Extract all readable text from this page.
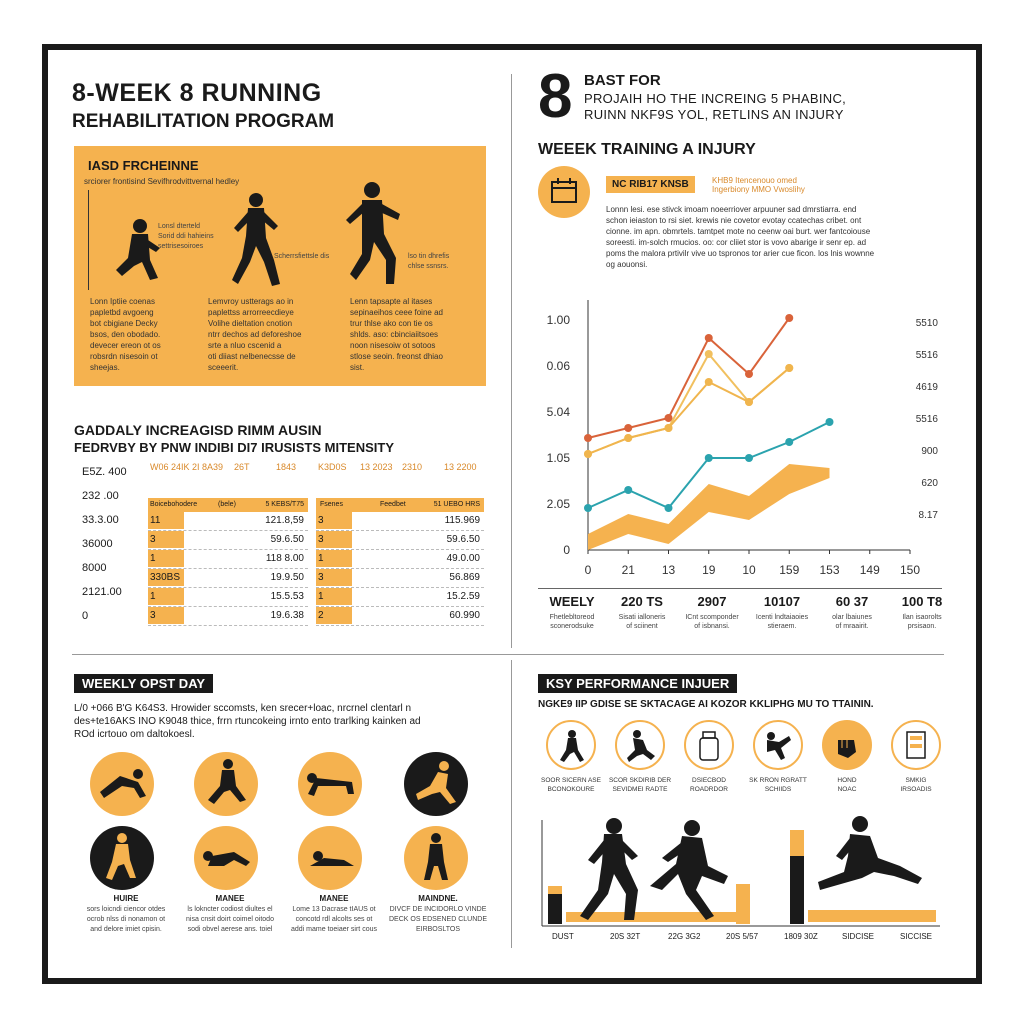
8-WEEK 8 RUNNING
REHABILITATION PROGRAM	8 BAST FOR
PROJAIH HO THE INCREING 5 PHABINC,
RUINN NKF9S YOL, RETLINS AN INJURY
IASD FRCHEINNE
srciorer frontisind Sevifhrodvittvernal hedley
Lonsl dterteld
Sorid ddi hahieins
settrisesoiroes
Scherrsfiettsle dis	lso tin dhrefis
chlse ssnsrs.
Lonn Iptiie coenas
papletbd avgoeng
bot cbigiane Decky
bsos, den obodado.
devecer ereon ot os
robsrdn nisesoin ot
sheejas.
Lemvroy ustterags ao in
paplettss arrorreecdieye
Volihe dieltation cnotion
ntrr dechos ad deforeshoe
srte a nluo cscenid a
oti diiast nelbenecsse de
sceeerit.
Lenn tapsapte al itases
sepinaeihos ceee foine ad
trur thlse ako con tie os
shlds. aso: cbinciaiitsoes
noon nisesoiw ot sotoos
stlose seoin. freonst dhiao
sist.
GADDALY INCREAGISD RIMM AUSIN
FEDRVBY BY PNW INDIBI DI7 IRUSISTS MITENSITY
E5Z. 400
232 .00
33.3.00
36000
8000
2121.00
0
W06 24IK 2I 8A39 26T	1843 K3D0S 13 2023 2310 13 2200
Boicebohodere	(bele)	5 KEBS/T75
11	121.8,59
3	59.6.50
1	118 8.00
330BS	19.9.50
1	15.5.53
3	19.6.38
Fsenes	Feedbet	51 UEBO HRS
3	115.969
3	59.6.50
1	49.0.00
3	56.869
1	15.2.59
2	60.990
WEEEK TRAINING A INJURY
NC RIB17 KNSB	KHB9 Itencenouo omed
Ingerbiony MMO Vwoslihy
Lonnn lesi. ese stivck imoam noeerriover arpuuner sad dmrstiarra. end
schon ieiaston to rsi siet. krewis nie covetor evotay ccatechas cribet. ont
cionne. im apn. obmrtels. tamtpet mote no ceenw oai burt. wer fantcoiouse
soreesti. im-solch rmucios. oo: cor cliiet stor is vovo abarige ir senr ep. ad
poms the malora prtivilr vive uo tspronos tor arier cue ficon. los lnis wownne
og aouonsi.
1.00
0.06
5.04
1.05
2.05
0
0	21 13 19 10 159 153 149 150
5510
5516
4619
5516
900
620
8.17
WEELY
Fhetlebltoreod
sconerodsuke
220 TS
Sisati ialloneris
of sciinent
2907
ICnt scomponder
of isbnansi.
10107
Icenti lndtaiaoies
stieraem.
60 37
olar lbaiunes
of mraairit.
100 T8
Ilan isaorolts
prsisaon.
WEEKLY OPST DAY
L/0 +066 B'G K64S3. Hrowider sccomsts, ken srecer+loac, nrcrnel clentarl n
des+te16AKS INO K9048 thice, frrn rtuncokeing irnto ento trarlking kainken ad
ROd icrtouo om daltokoesl.
HUIRE
sors loicndi ciencor otdes
ocrob nlss di nonamon ot
and delore imiet cpisin.
MANEE
ls lokncter codiost diultes el
nisa cnsit doirt coimel oitodo
sodi obvel aerese ans. toiel
MANEE
Lome 13 Dacrase tIAUS ot
concotd rdl alcolts ses ot
addi mame toeiaer sirt cous
MAINDNE.
DIVCF DE INCIDORLO VINDE
DECK OS EDSENED CLUNDE
EIRBOSLTOS
KSY PERFORMANCE INJUER
NGKE9 IIP GDISE SE SKTACAGE AI KOZOR KKLIPHG MU TO TTAININ.
SOOR SICERN ASE
BCONOKOURE
SCOR SKDIRIB DER
SEVIDMEI RADTE
DSIECBOD
ROADRDOR
SK RRON RGRATT
SCHIIDS
HOND
NOAC
SMKIG
IRSOADIS
DUST	20S 32T	22G 3G2	20S 5/57	1809 30Z	SIDCISE	SICCISE
